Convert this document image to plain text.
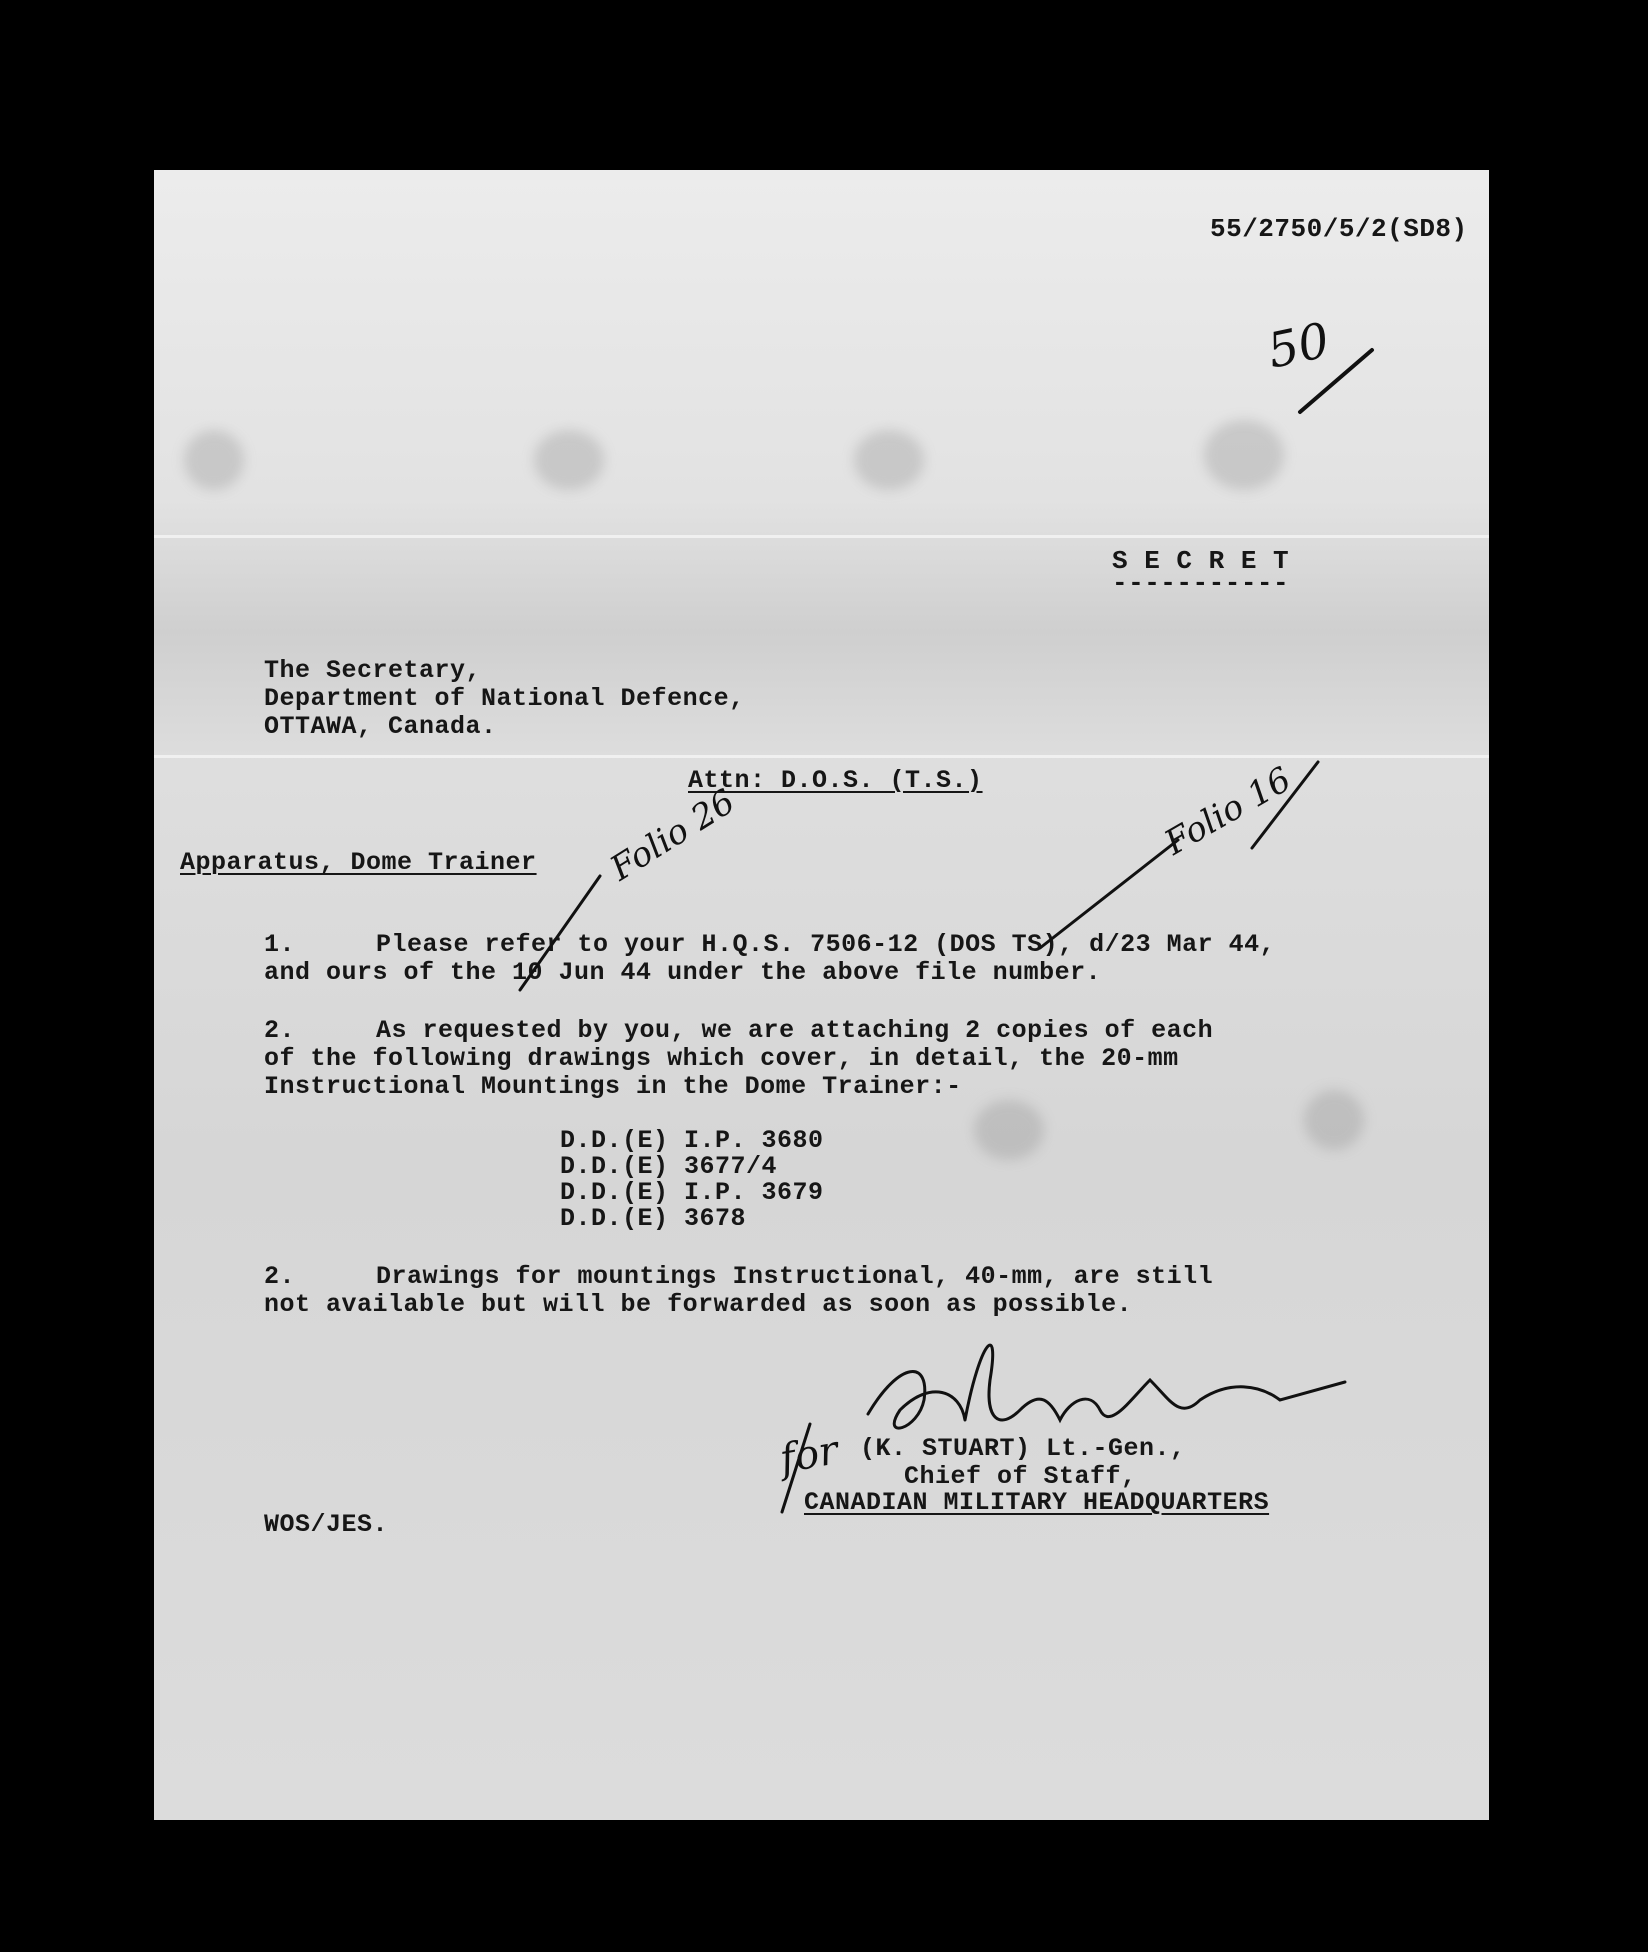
55/2750/5/2(SD8)
50
S E C R E T
-----------
The Secretary,
Department of National Defence,
OTTAWA, Canada.
Attn: D.O.S. (T.S.)
Apparatus, Dome Trainer Folio 26	Folio 16
1.	Please refer to your H.Q.S. 7506-12 (DOS TS), d/23 Mar 44,
and ours of the 10 Jun 44 under the above file number.
2.	As requested by you, we are attaching 2 copies of each
of the following drawings which cover, in detail, the 20-mm
Instructional Mountings in the Dome Trainer:-
D.D.(E) I.P. 3680
D.D.(E) 3677/4
D.D.(E) I.P. 3679
D.D.(E) 3678
2.	Drawings for mountings Instructional, 40-mm, are still
not available but will be forwarded as soon as possible.
for (K. STUART) Lt.-Gen.,
Chief of Staff,
CANADIAN MILITARY HEADQUARTERS
WOS/JES.
